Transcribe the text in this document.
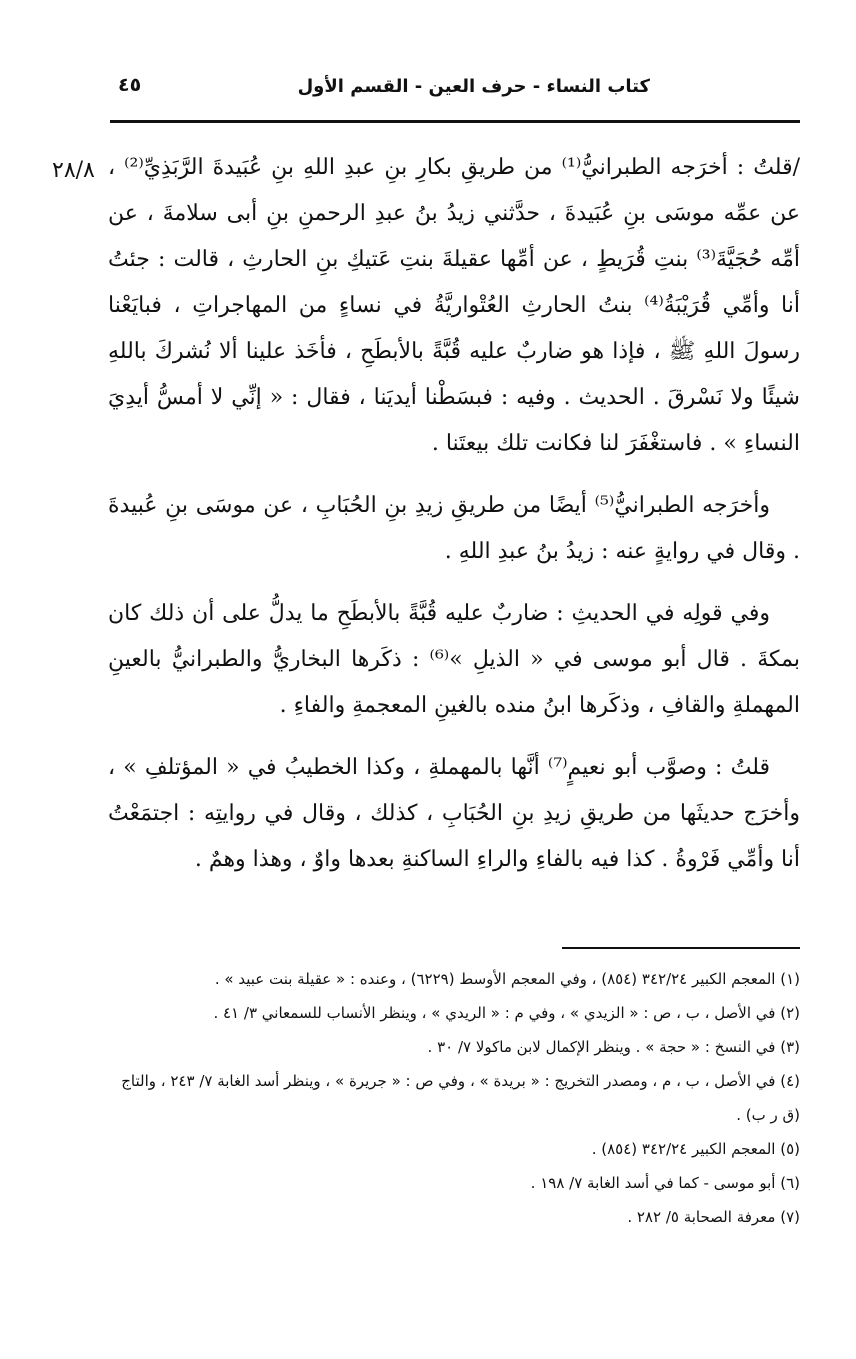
كتاب النساء - حرف العين - القسم الأول
٤٥
٢٨/٨ /قلتُ : أخرَجه الطبرانيُّ⁽¹⁾ من طريقِ بكارِ بنِ عبدِ اللهِ بنِ عُبَيدةَ الرَّبَذِيِّ⁽²⁾ ، عن عمِّه موسَى بنِ عُبَيدةَ ، حدَّثني زيدُ بنُ عبدِ الرحمنِ بنِ أبى سلامةَ ، عن أمِّه حُجَيَّةَ⁽³⁾ بنتِ قُرَيطٍ ، عن أمِّها عقيلةَ بنتِ عَتيكِ بنِ الحارثِ ، قالت : جئتُ أنا وأمِّي قُرَيْبَةُ⁽⁴⁾ بنتُ الحارثِ العُتْواريَّةُ في نساءٍ من المهاجراتِ ، فبايَعْنا رسولَ اللهِ ﷺ ، فإذا هو ضاربٌ عليه قُبَّةً بالأبطَحِ ، فأخَذ علينا ألا نُشركَ باللهِ شيئًا ولا نَسْرقَ . الحديث . وفيه : فبسَطْنا أيديَنا ، فقال : « إنِّي لا أمسُّ أيدِيَ النساءِ » . فاستغْفَرَ لنا فكانت تلك بيعتَنا .

وأخرَجه الطبرانيُّ⁽⁵⁾ أيضًا من طريقِ زيدِ بنِ الحُبَابِ ، عن موسَى بنِ عُبيدةَ . وقال في روايةٍ عنه : زيدُ بنُ عبدِ اللهِ .

وفي قولِه في الحديثِ : ضاربٌ عليه قُبَّةً بالأبطَحِ ما يدلُّ على أن ذلك كان بمكةَ . قال أبو موسى في « الذيلِ »⁽⁶⁾ : ذكَرها البخاريُّ والطبرانيُّ بالعينِ المهملةِ والقافِ ، وذكَرها ابنُ منده بالغينِ المعجمةِ والفاءِ .

قلتُ : وصوَّب أبو نعيمٍ⁽⁷⁾ أنَّها بالمهملةِ ، وكذا الخطيبُ في « المؤتلفِ » ، وأخرَج حديثَها من طريقِ زيدِ بنِ الحُبَابِ ، كذلك ، وقال في روايتِه : اجتمَعْتُ أنا وأمِّي فَرْوةُ . كذا فيه بالفاءِ والراءِ الساكنةِ بعدها واوٌ ، وهذا وهمٌ .

(١) المعجم الكبير ٣٤٢/٢٤ (٨٥٤) ، وفي المعجم الأوسط (٦٢٢٩) ، وعنده : « عقيلة بنت عبيد » .

(٢) في الأصل ، ب ، ص : « الزيدي » ، وفي م : « الريدي » ، وينظر الأنساب للسمعاني ٣/ ٤١ .

(٣) في النسخ : « حجة » . وينظر الإكمال لابن ماكولا ٧/ ٣٠ .

(٤) في الأصل ، ب ، م ، ومصدر التخريج : « بريدة » ، وفي ص : « جريرة » ، وينظر أسد الغابة ٧/ ٢٤٣ ، والتاج (ق ر ب) .

(٥) المعجم الكبير ٣٤٢/٢٤ (٨٥٤) .

(٦) أبو موسى - كما في أسد الغابة ٧/ ١٩٨ .

(٧) معرفة الصحابة ٥/ ٢٨٢ .
